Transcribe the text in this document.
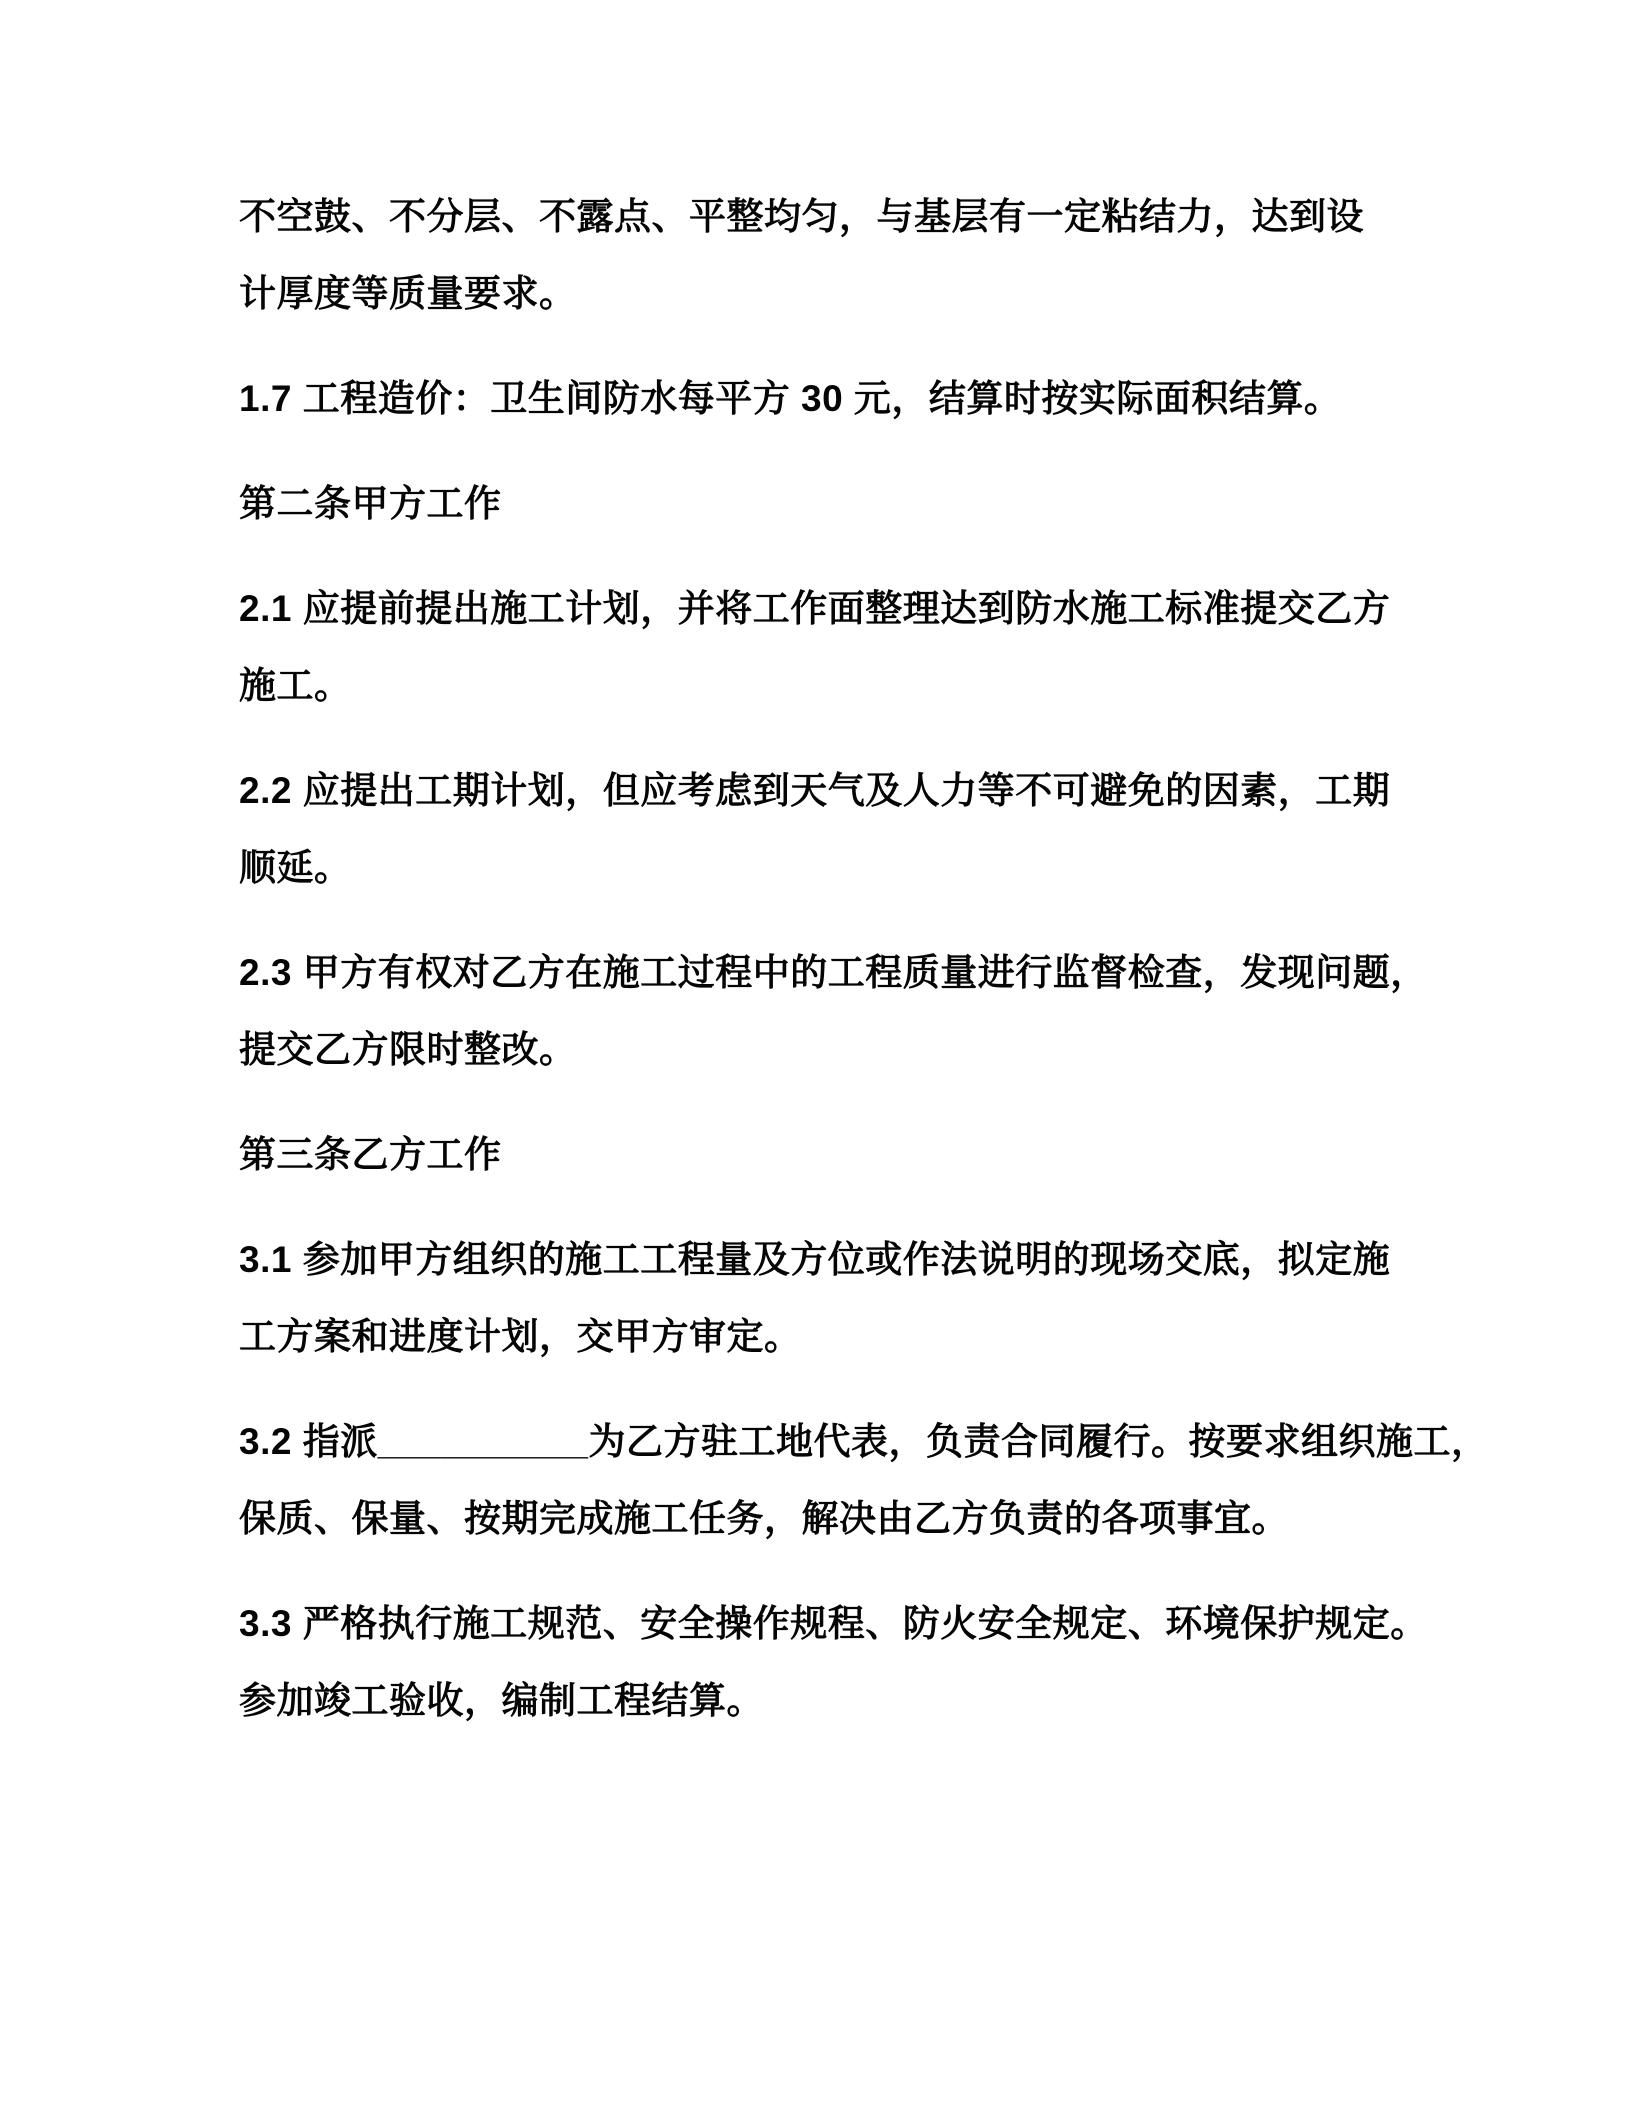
不空鼓、不分层、不露点、平整均匀，与基层有一定粘结力，达到设
计厚度等质量要求。
1.7 工程造价：卫生间防水每平方 30 元，结算时按实际面积结算。
第二条甲方工作
2.1 应提前提出施工计划，并将工作面整理达到防水施工标准提交乙方
施工。
2.2 应提出工期计划，但应考虑到天气及人力等不可避免的因素，工期
顺延。
2.3 甲方有权对乙方在施工过程中的工程质量进行监督检查，发现问题，
提交乙方限时整改。
第三条乙方工作
3.1 参加甲方组织的施工工程量及方位或作法说明的现场交底，拟定施
工方案和进度计划，交甲方审定。
3.2 指派__________为乙方驻工地代表，负责合同履行。按要求组织施工，
保质、保量、按期完成施工任务，解决由乙方负责的各项事宜。
3.3 严格执行施工规范、安全操作规程、防火安全规定、环境保护规定。
参加竣工验收，编制工程结算。
